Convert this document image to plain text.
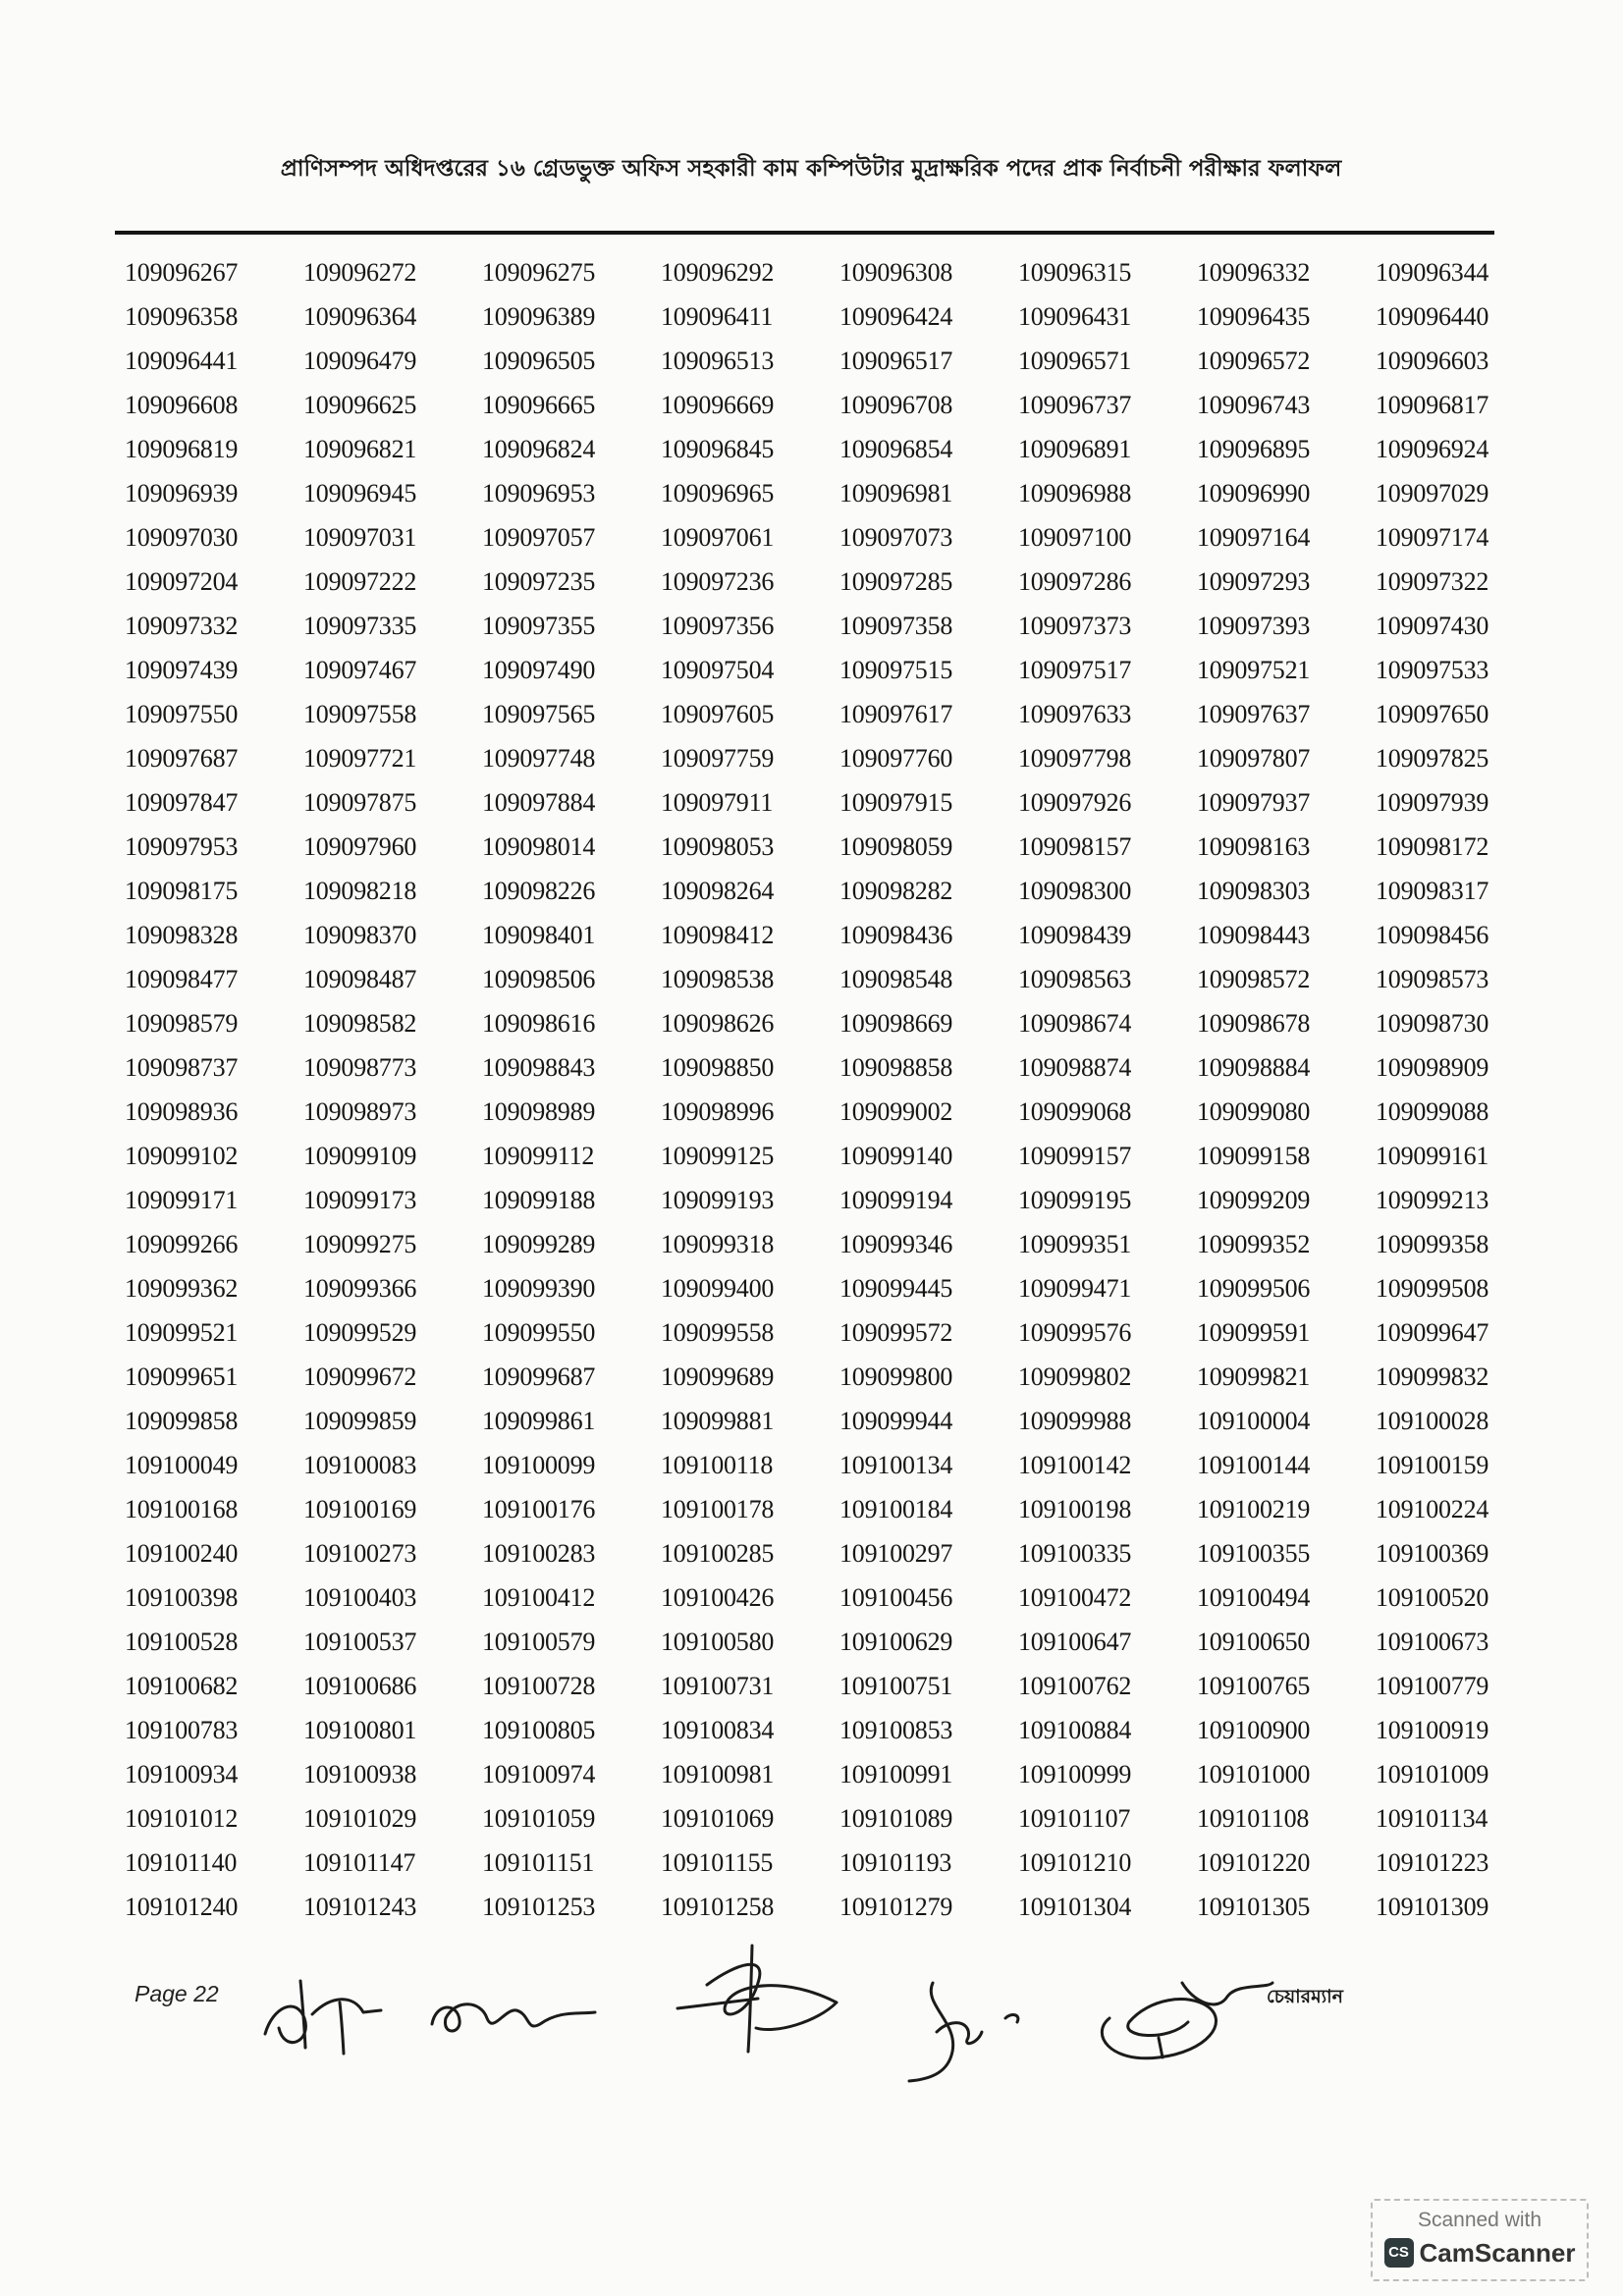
প্রাণিসম্পদ অধিদপ্তরের ১৬ গ্রেডভুক্ত অফিস সহকারী কাম কম্পিউটার মুদ্রাক্ষরিক পদের প্রাক নির্বাচনী পরীক্ষার ফলাফল
109096267	109096272	109096275	109096292	109096308	109096315	109096332	109096344
109096358	109096364	109096389	109096411	109096424	109096431	109096435	109096440
109096441	109096479	109096505	109096513	109096517	109096571	109096572	109096603
109096608	109096625	109096665	109096669	109096708	109096737	109096743	109096817
109096819	109096821	109096824	109096845	109096854	109096891	109096895	109096924
109096939	109096945	109096953	109096965	109096981	109096988	109096990	109097029
109097030	109097031	109097057	109097061	109097073	109097100	109097164	109097174
109097204	109097222	109097235	109097236	109097285	109097286	109097293	109097322
109097332	109097335	109097355	109097356	109097358	109097373	109097393	109097430
109097439	109097467	109097490	109097504	109097515	109097517	109097521	109097533
109097550	109097558	109097565	109097605	109097617	109097633	109097637	109097650
109097687	109097721	109097748	109097759	109097760	109097798	109097807	109097825
109097847	109097875	109097884	109097911	109097915	109097926	109097937	109097939
109097953	109097960	109098014	109098053	109098059	109098157	109098163	109098172
109098175	109098218	109098226	109098264	109098282	109098300	109098303	109098317
109098328	109098370	109098401	109098412	109098436	109098439	109098443	109098456
109098477	109098487	109098506	109098538	109098548	109098563	109098572	109098573
109098579	109098582	109098616	109098626	109098669	109098674	109098678	109098730
109098737	109098773	109098843	109098850	109098858	109098874	109098884	109098909
109098936	109098973	109098989	109098996	109099002	109099068	109099080	109099088
109099102	109099109	109099112	109099125	109099140	109099157	109099158	109099161
109099171	109099173	109099188	109099193	109099194	109099195	109099209	109099213
109099266	109099275	109099289	109099318	109099346	109099351	109099352	109099358
109099362	109099366	109099390	109099400	109099445	109099471	109099506	109099508
109099521	109099529	109099550	109099558	109099572	109099576	109099591	109099647
109099651	109099672	109099687	109099689	109099800	109099802	109099821	109099832
109099858	109099859	109099861	109099881	109099944	109099988	109100004	109100028
109100049	109100083	109100099	109100118	109100134	109100142	109100144	109100159
109100168	109100169	109100176	109100178	109100184	109100198	109100219	109100224
109100240	109100273	109100283	109100285	109100297	109100335	109100355	109100369
109100398	109100403	109100412	109100426	109100456	109100472	109100494	109100520
109100528	109100537	109100579	109100580	109100629	109100647	109100650	109100673
109100682	109100686	109100728	109100731	109100751	109100762	109100765	109100779
109100783	109100801	109100805	109100834	109100853	109100884	109100900	109100919
109100934	109100938	109100974	109100981	109100991	109100999	109101000	109101009
109101012	109101029	109101059	109101069	109101089	109101107	109101108	109101134
109101140	109101147	109101151	109101155	109101193	109101210	109101220	109101223
109101240	109101243	109101253	109101258	109101279	109101304	109101305	109101309
Page 22	চেয়ারম্যান
Scanned with
CS CamScanner
